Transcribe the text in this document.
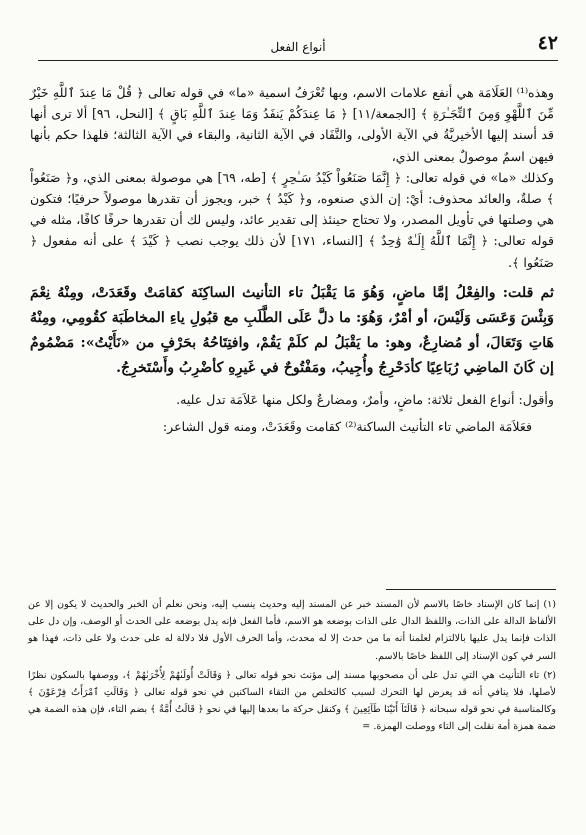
٤٢
أنواع الفعل

وهذه⁽¹⁾ العَلَامَة هي أنفع علامات الاسم، وبها تُعْرَفُ اسمية «ما» في قوله تعالى ﴿ قُلْ مَا عِندَ ٱللَّهِ خَيْرٌ مِّنَ ٱللَّهْوِ وَمِنَ ٱلتِّجَـٰرَةِ ﴾ [الجمعة/١١] ﴿ مَا عِندَكُمْ يَنفَدُ وَمَا عِندَ ٱللَّهِ بَاقٍ ﴾ [النحل، ٩٦] ألا ترى أنها قد أسند إليها الأخيريَّةُ في الآية الأولى، والنَّفَاد في الآية الثانية، والبقاء في الآية الثالثة؛ فلهذا حكم بأنها فيهن اسمٌ موصولٌ بمعنى الذي،

وكذلك «ما» في قوله تعالى: ﴿ إِنَّمَا صَنَعُواْ كَيْدُ سَـٰحِرٍ ﴾ [طه، ٦٩] هي موصولة بمعنى الذي، و﴿ صَنَعُواْ ﴾ صلةٌ، والعائد محذوف: أيْ: إن الذي صنعوه، و﴿ كَيْدُ ﴾ خبر، ويجوز أن تقدرها موصولاً حرفيًا؛ فتكون هي وصلتها في تأويل المصدر، ولا تحتاج حينئذ إلى تقدير عائد، وليس لك أن تقدرها حرفًا كافًا، مثله في قوله تعالى: ﴿ إِنَّمَا ٱللَّهُ إِلَـٰهٌ وَٰحِدٌ ﴾ [النساء، ١٧١] لأن ذلك يوجب نصب ﴿ كَيْدَ ﴾ على أنه مفعول ﴿ صَنَعُوا ﴾.

ثم قلت: والفِعْلُ إمَّا ماضٍ، وَهُوَ مَا يَقْبَلُ تاء التأنيث الساكِنَة كقامَتْ وقَعَدَتْ، ومِنْهُ نِعْمَ وَبِئْسَ وَعَسَى وَلَيْسَ، أو أمْرٌ، وَهُوَ: ما دلَّ عَلَى الطَّلَبِ مع قبُولِ ياءِ المخاطَبَة كقُومِي، ومِنْهُ هَاتِ وَتَعَالَ، أو مُضارِعٌ، وهو: ما يَقْبَلُ لم كلَمْ يَقُمْ، وافتِتَاحُهُ بحَرْفٍ من «نَأَيْتُ»: مَضْمُومٌ إن كَانَ الماضِي رُبَاعِيًا كأدَحْرِجُ وأُجِيبُ، ومَفْتُوحٌ في غَيرِهِ كأضْرِبُ وأَسْتَخرِجُ.

وأقول: أنواع الفعل ثلاثة: ماضٍ، وأمرٌ، ومضارعٌ ولكل منها عَلاَمَة تدل عليه.

فعَلاَمَة الماضي تاء التأنيث الساكنة⁽²⁾ كقامت وقَعَدَتْ، ومنه قول الشاعر:

(١) إنما كان الإسناد خاصًا بالاسم لأن المسند خبر عن المسند إليه وحديث ينسب إليه، ونحن نعلم أن الخبر والحديث لا يكون إلا عن الألفاظ الدالة على الذات، واللفظ الدال على الذات بوضعه هو الاسم، فأما الفعل فإنه يدل بوضعه على الحدث أو الوصف، وإن دل على الذات فإنما يدل عليها بالالتزام لعلمنا أنه ما من حدث إلا له محدث، وأما الحرف الأول فلا دلالة له على حدث ولا على ذات، فهذا هو السر في كون الإسناد إلى اللفظ خاصًا بالاسم.

(٢) تاء التأنيث هي التي تدل على أن مصحوبها مسند إلى مؤنث نحو قوله تعالى ﴿ وَقَالَتْ أُولَىٰهُمْ لِأُخْرَىٰهُمْ ﴾، ووصفها بالسكون نظرًا لأصلها، فلا ينافي أنه قد يعرض لها التحرك لسبب كالتخلص من التقاء الساكنين في نحو قوله تعالى ﴿ وَقَالَتِ ٱمْرَأَتُ فِرْعَوْنَ ﴾ وكالمناسبة في نحو قوله سبحانه ﴿ قَالَتَآ أَتَيْنَا طَآئِعِينَ ﴾ وكنقل حركة ما بعدها إليها في نحو ﴿ قَالَتُ أُمَّةٌ ﴾ بضم التاء، فإن هذه الضمة هي ضمة همزة أمة نقلت إلى التاء ووصلت الهمزة. =
